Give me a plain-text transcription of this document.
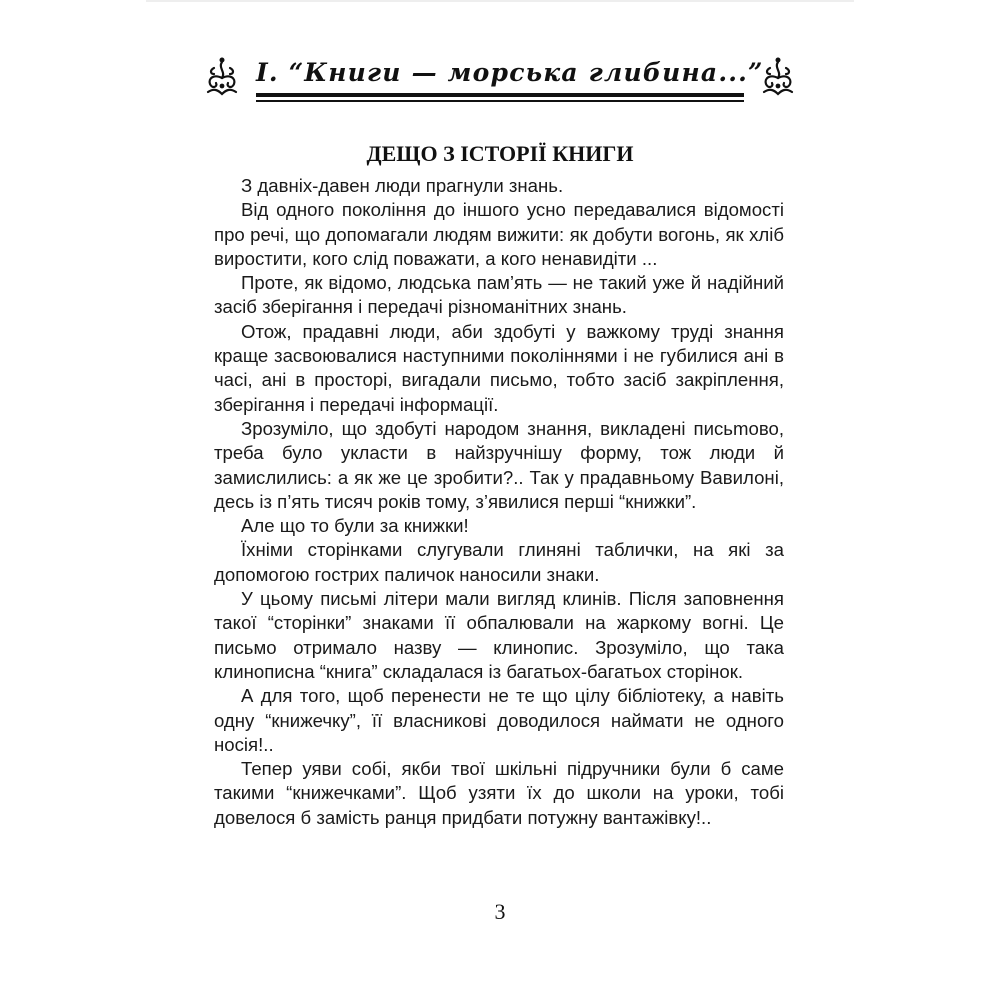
І. “Книги — морська глибина...”
ДЕЩО З ІСТОРІЇ КНИГИ

З давніх-давен люди прагнули знань.

Від одного покоління до іншого усно передавалися відомості про речі, що допомагали людям вижити: як добути вогонь, як хліб виростити, кого слід поважати, а кого ненавидіти ...

Проте, як відомо, людська пам’ять — не такий уже й надійний засіб зберігання і передачі різноманітних знань.

Отож, прадавні люди, аби здобуті у важкому труді знання краще засвоювалися наступними поколіннями і не губилися ані в часі, ані в просторі, вигадали письмо, тобто засіб закріплення, зберігання і передачі інформації.

Зрозуміло, що здобуті народом знання, викладені письmово, треба було укласти в найзручнішу форму, тож люди й замислились: а як же це зробити?.. Так у прадавньому Вавилоні, десь із п’ять тисяч років тому, з’явилися перші “книжки”.

Але що то були за книжки!

Їхніми сторінками слугували глиняні таблички, на які за допомогою гострих паличок наносили знаки.

У цьому письмі літери мали вигляд клинів. Після заповнення такої “сторінки” знаками її обпалювали на жаркому вогні. Це письмо отримало назву — клинопис. Зрозуміло, що така клинописна “книга” складалася із багатьох-багатьох сторінок.

А для того, щоб перенести не те що цілу бібліотеку, а навіть одну “книжечку”, її власникові доводилося наймати не одного носія!..

Тепер уяви собі, якби твої шкільні підручники були б саме такими “книжечками”. Щоб узяти їх до школи на уроки, тобі довелося б замість ранця придбати потужну вантажівку!..

3
